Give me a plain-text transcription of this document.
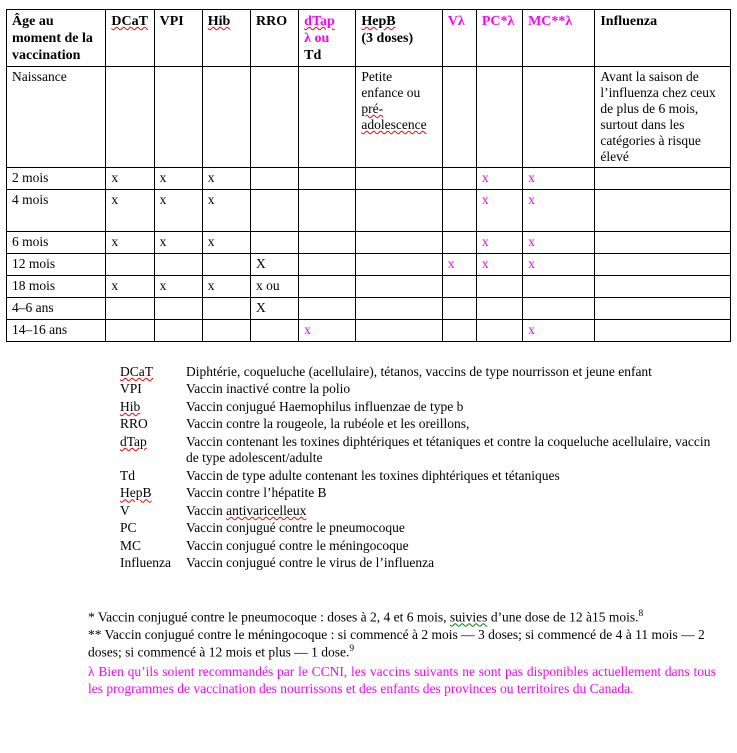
Âge au moment de la vaccination	DCaT	VPI	Hib	RRO	dTap
λ ou
Td	HepB
(3 doses)	Vλ	PC*λ	MC**λ	Influenza
Naissance						Petite
enfance ou
pré-
adolescence				Avant la saison de l’influenza chez ceux de plus de 6 mois, surtout dans les catégories à risque élevé
2 mois	x	x	x					x	x	
4 mois	x	x	x					x	x	
6 mois	x	x	x					x	x	
12 mois				X			x	x	x	
18 mois	x	x	x	x ou						
4–6 ans				X						
14–16 ans					x				x	
DCaT	Diphtérie, coqueluche (acellulaire), tétanos, vaccins de type nourrisson et jeune enfant
VPI	Vaccin inactivé contre la polio
Hib	Vaccin conjugué Haemophilus influenzae de type b
RRO	Vaccin contre la rougeole, la rubéole et les oreillons,
dTap	Vaccin contenant les toxines diphtériques et tétaniques et contre la coqueluche acellulaire, vaccin de type adolescent/adulte
Td	Vaccin de type adulte contenant les toxines diphtériques et tétaniques
HepB	Vaccin contre l’hépatite B
V	Vaccin antivaricelleux
PC	Vaccin conjugué contre le pneumocoque
MC	Vaccin conjugué contre le méningocoque
Influenza	Vaccin conjugué contre le virus de l’influenza

* Vaccin conjugué contre le pneumocoque : doses à 2, 4 et 6 mois, suivies d’une dose de 12 à15 mois.$^8$

** Vaccin conjugué contre le méningocoque : si commencé à 2 mois — 3 doses; si commencé de 4 à 11 mois — 2 doses; si commencé à 12 mois et plus — 1 dose.$^9$

λ Bien qu’ils soient recommandés par le CCNI, les vaccins suivants ne sont pas disponibles actuellement dans tous les programmes de vaccination des nourrissons et des enfants des provinces ou territoires du Canada.
